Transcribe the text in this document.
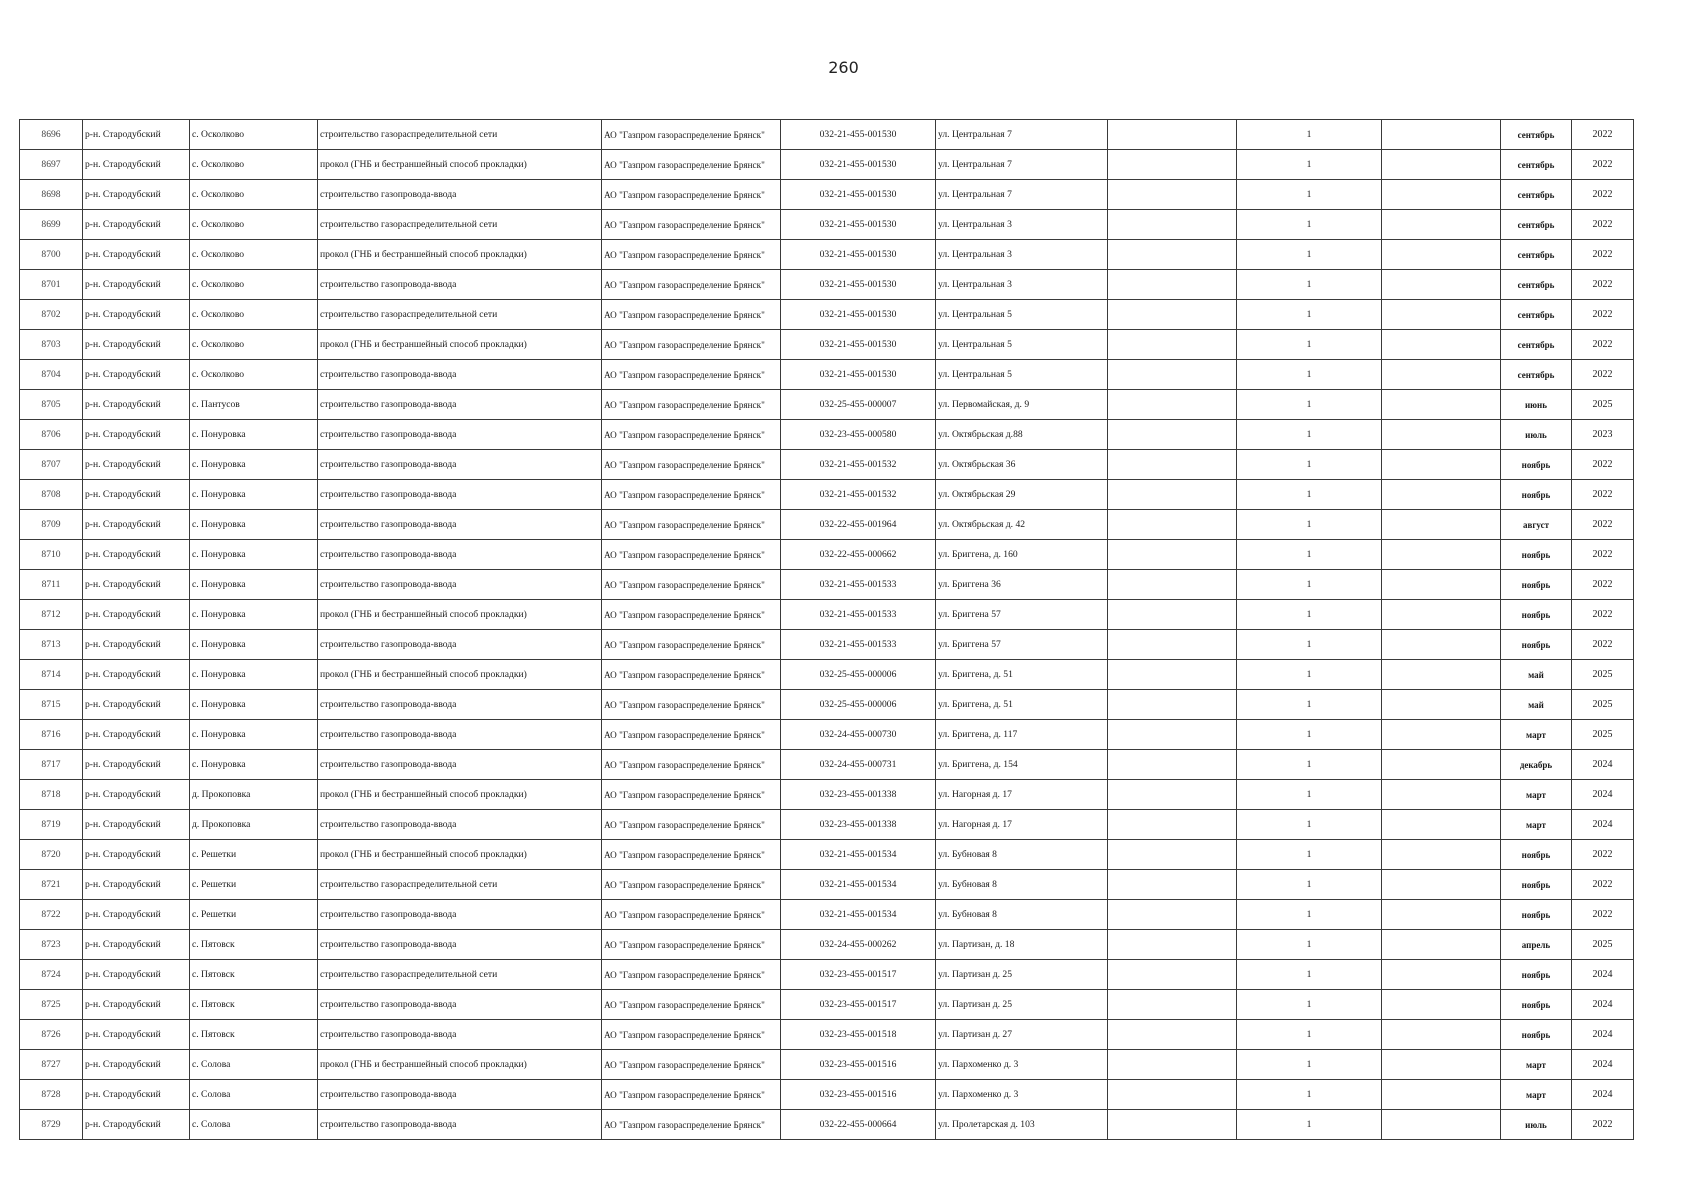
260
8696	р-н. Стародубский	с. Осколково	строительство газораспределительной сети	АО "Газпром газораспределение Брянск"	032-21-455-001530	ул. Центральная 7		1		сентябрь	2022
8697	р-н. Стародубский	с. Осколково	прокол (ГНБ и бестраншейный способ прокладки)	АО "Газпром газораспределение Брянск"	032-21-455-001530	ул. Центральная 7		1		сентябрь	2022
8698	р-н. Стародубский	с. Осколково	строительство газопровода-ввода	АО "Газпром газораспределение Брянск"	032-21-455-001530	ул. Центральная 7		1		сентябрь	2022
8699	р-н. Стародубский	с. Осколково	строительство газораспределительной сети	АО "Газпром газораспределение Брянск"	032-21-455-001530	ул. Центральная 3		1		сентябрь	2022
8700	р-н. Стародубский	с. Осколково	прокол (ГНБ и бестраншейный способ прокладки)	АО "Газпром газораспределение Брянск"	032-21-455-001530	ул. Центральная 3		1		сентябрь	2022
8701	р-н. Стародубский	с. Осколково	строительство газопровода-ввода	АО "Газпром газораспределение Брянск"	032-21-455-001530	ул. Центральная 3		1		сентябрь	2022
8702	р-н. Стародубский	с. Осколково	строительство газораспределительной сети	АО "Газпром газораспределение Брянск"	032-21-455-001530	ул. Центральная 5		1		сентябрь	2022
8703	р-н. Стародубский	с. Осколково	прокол (ГНБ и бестраншейный способ прокладки)	АО "Газпром газораспределение Брянск"	032-21-455-001530	ул. Центральная 5		1		сентябрь	2022
8704	р-н. Стародубский	с. Осколково	строительство газопровода-ввода	АО "Газпром газораспределение Брянск"	032-21-455-001530	ул. Центральная 5		1		сентябрь	2022
8705	р-н. Стародубский	с. Пантусов	строительство газопровода-ввода	АО "Газпром газораспределение Брянск"	032-25-455-000007	ул. Первомайская, д. 9		1		июнь	2025
8706	р-н. Стародубский	с. Понуровка	строительство газопровода-ввода	АО "Газпром газораспределение Брянск"	032-23-455-000580	ул. Октябрьская д.88		1		июль	2023
8707	р-н. Стародубский	с. Понуровка	строительство газопровода-ввода	АО "Газпром газораспределение Брянск"	032-21-455-001532	ул. Октябрьская 36		1		ноябрь	2022
8708	р-н. Стародубский	с. Понуровка	строительство газопровода-ввода	АО "Газпром газораспределение Брянск"	032-21-455-001532	ул. Октябрьская 29		1		ноябрь	2022
8709	р-н. Стародубский	с. Понуровка	строительство газопровода-ввода	АО "Газпром газораспределение Брянск"	032-22-455-001964	ул. Октябрьская д. 42		1		август	2022
8710	р-н. Стародубский	с. Понуровка	строительство газопровода-ввода	АО "Газпром газораспределение Брянск"	032-22-455-000662	ул. Бриггена, д. 160		1		ноябрь	2022
8711	р-н. Стародубский	с. Понуровка	строительство газопровода-ввода	АО "Газпром газораспределение Брянск"	032-21-455-001533	ул. Бриггена 36		1		ноябрь	2022
8712	р-н. Стародубский	с. Понуровка	прокол (ГНБ и бестраншейный способ прокладки)	АО "Газпром газораспределение Брянск"	032-21-455-001533	ул. Бриггена 57		1		ноябрь	2022
8713	р-н. Стародубский	с. Понуровка	строительство газопровода-ввода	АО "Газпром газораспределение Брянск"	032-21-455-001533	ул. Бриггена 57		1		ноябрь	2022
8714	р-н. Стародубский	с. Понуровка	прокол (ГНБ и бестраншейный способ прокладки)	АО "Газпром газораспределение Брянск"	032-25-455-000006	ул. Бриггена, д. 51		1		май	2025
8715	р-н. Стародубский	с. Понуровка	строительство газопровода-ввода	АО "Газпром газораспределение Брянск"	032-25-455-000006	ул. Бриггена, д. 51		1		май	2025
8716	р-н. Стародубский	с. Понуровка	строительство газопровода-ввода	АО "Газпром газораспределение Брянск"	032-24-455-000730	ул. Бриггена, д. 117		1		март	2025
8717	р-н. Стародубский	с. Понуровка	строительство газопровода-ввода	АО "Газпром газораспределение Брянск"	032-24-455-000731	ул. Бриггена, д. 154		1		декабрь	2024
8718	р-н. Стародубский	д. Прокоповка	прокол (ГНБ и бестраншейный способ прокладки)	АО "Газпром газораспределение Брянск"	032-23-455-001338	ул. Нагорная д. 17		1		март	2024
8719	р-н. Стародубский	д. Прокоповка	строительство газопровода-ввода	АО "Газпром газораспределение Брянск"	032-23-455-001338	ул. Нагорная д. 17		1		март	2024
8720	р-н. Стародубский	с. Решетки	прокол (ГНБ и бестраншейный способ прокладки)	АО "Газпром газораспределение Брянск"	032-21-455-001534	ул. Бубновая 8		1		ноябрь	2022
8721	р-н. Стародубский	с. Решетки	строительство газораспределительной сети	АО "Газпром газораспределение Брянск"	032-21-455-001534	ул. Бубновая 8		1		ноябрь	2022
8722	р-н. Стародубский	с. Решетки	строительство газопровода-ввода	АО "Газпром газораспределение Брянск"	032-21-455-001534	ул. Бубновая 8		1		ноябрь	2022
8723	р-н. Стародубский	с. Пятовск	строительство газопровода-ввода	АО "Газпром газораспределение Брянск"	032-24-455-000262	ул. Партизан, д. 18		1		апрель	2025
8724	р-н. Стародубский	с. Пятовск	строительство газораспределительной сети	АО "Газпром газораспределение Брянск"	032-23-455-001517	ул. Партизан д. 25		1		ноябрь	2024
8725	р-н. Стародубский	с. Пятовск	строительство газопровода-ввода	АО "Газпром газораспределение Брянск"	032-23-455-001517	ул. Партизан д. 25		1		ноябрь	2024
8726	р-н. Стародубский	с. Пятовск	строительство газопровода-ввода	АО "Газпром газораспределение Брянск"	032-23-455-001518	ул. Партизан д. 27		1		ноябрь	2024
8727	р-н. Стародубский	с. Солова	прокол (ГНБ и бестраншейный способ прокладки)	АО "Газпром газораспределение Брянск"	032-23-455-001516	ул. Пархоменко д. 3		1		март	2024
8728	р-н. Стародубский	с. Солова	строительство газопровода-ввода	АО "Газпром газораспределение Брянск"	032-23-455-001516	ул. Пархоменко д. 3		1		март	2024
8729	р-н. Стародубский	с. Солова	строительство газопровода-ввода	АО "Газпром газораспределение Брянск"	032-22-455-000664	ул. Пролетарская д. 103		1		июль	2022
